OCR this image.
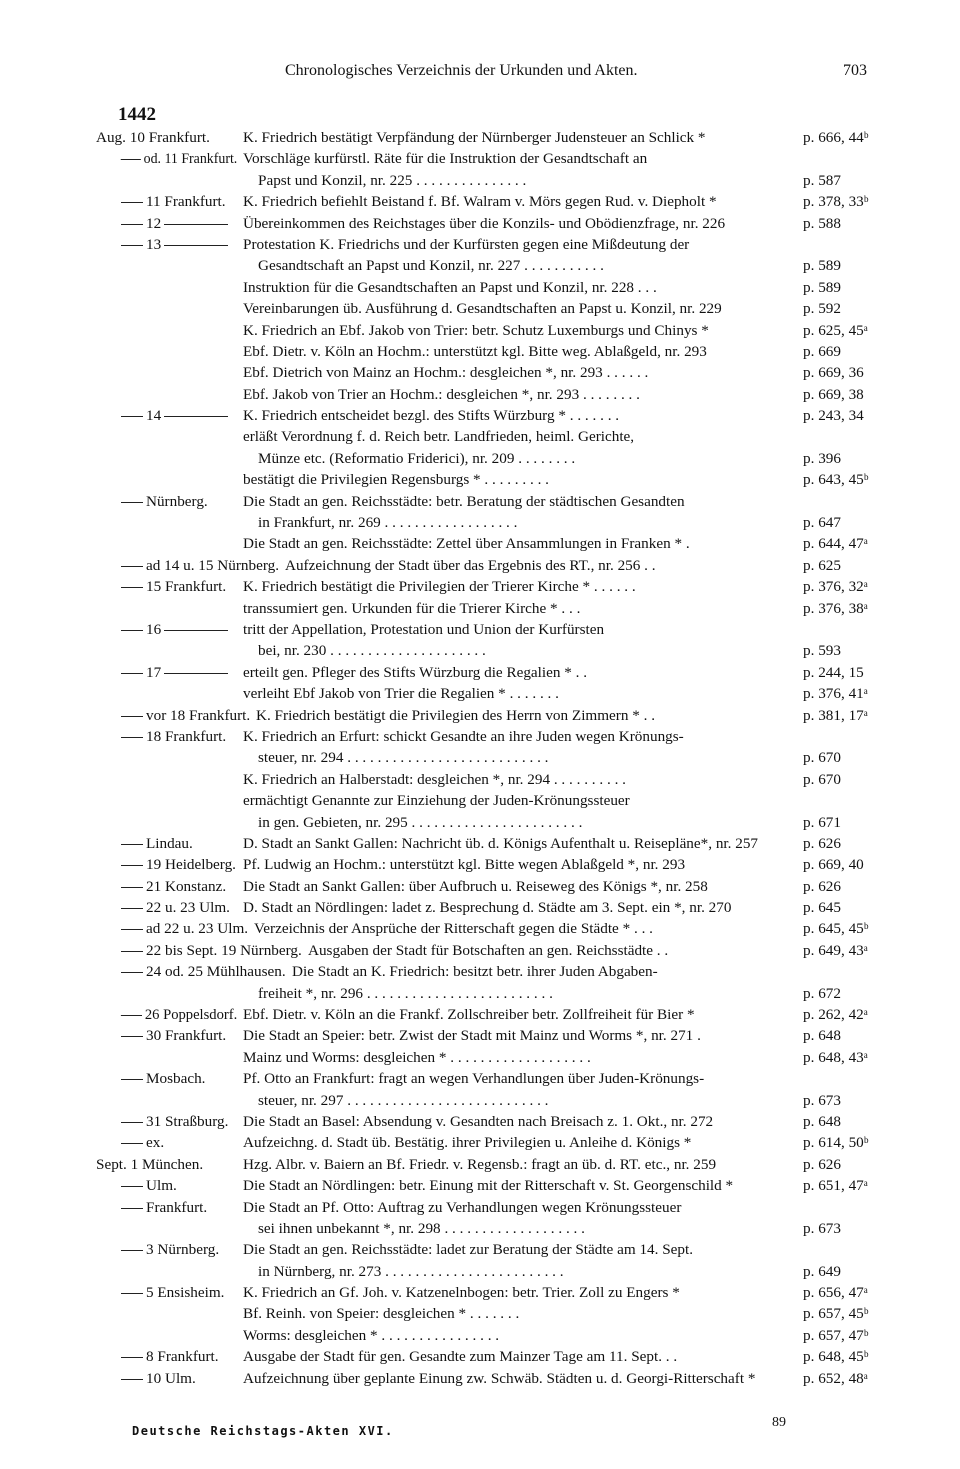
Chronologisches Verzeichnis der Urkunden und Akten.	703
1442
Aug. 10 Frankfurt. K. Friedrich bestätigt Verpfändung der Nürnberger Judensteuer an Schlick *	p. 666, 44ᵇ
od. 11 Frankfurt. Vorschläge kurfürstl. Räte für die Instruktion der Gesandtschaft an
Papst und Konzil, nr. 225 . . . . . . . . . . . . . . .	p. 587
11 Frankfurt. K. Friedrich befiehlt Beistand f. Bf. Walram v. Mörs gegen Rud. v. Diepholt *	p. 378, 33ᵇ
12	Übereinkommen des Reichstages über die Konzils- und Obödienzfrage, nr. 226	p. 588
13	Protestation K. Friedrichs und der Kurfürsten gegen eine Mißdeutung der
Gesandtschaft an Papst und Konzil, nr. 227 . . . . . . . . . . .	p. 589
Instruktion für die Gesandtschaften an Papst und Konzil, nr. 228 . . .	p. 589
Vereinbarungen üb. Ausführung d. Gesandtschaften an Papst u. Konzil, nr. 229	p. 592
K. Friedrich an Ebf. Jakob von Trier: betr. Schutz Luxemburgs und Chinys *	p. 625, 45ᵃ
Ebf. Dietr. v. Köln an Hochm.: unterstützt kgl. Bitte weg. Ablaßgeld, nr. 293	p. 669
Ebf. Dietrich von Mainz an Hochm.: desgleichen *, nr. 293 . . . . . .	p. 669, 36
Ebf. Jakob von Trier an Hochm.: desgleichen *, nr. 293 . . . . . . . .	p. 669, 38
14	K. Friedrich entscheidet bezgl. des Stifts Würzburg * . . . . . . .	p. 243, 34
erläßt Verordnung f. d. Reich betr. Landfrieden, heiml. Gerichte,
Münze etc. (Reformatio Friderici), nr. 209 . . . . . . . .	p. 396
bestätigt die Privilegien Regensburgs * . . . . . . . . .	p. 643, 45ᵇ
Nürnberg. Die Stadt an gen. Reichsstädte: betr. Beratung der städtischen Gesandten
in Frankfurt, nr. 269 . . . . . . . . . . . . . . . . . .	p. 647
Die Stadt an gen. Reichsstädte: Zettel über Ansammlungen in Franken * .	p. 644, 47ᵃ
ad 14 u. 15 Nürnberg. Aufzeichnung der Stadt über das Ergebnis des RT., nr. 256 . .	p. 625
15 Frankfurt. K. Friedrich bestätigt die Privilegien der Trierer Kirche * . . . . . .	p. 376, 32ᵃ
transsumiert gen. Urkunden für die Trierer Kirche * . . .	p. 376, 38ᵃ
16	tritt der Appellation, Protestation und Union der Kurfürsten
bei, nr. 230 . . . . . . . . . . . . . . . . . . . . .	p. 593
17	erteilt gen. Pfleger des Stifts Würzburg die Regalien * . .	p. 244, 15
verleiht Ebf Jakob von Trier die Regalien * . . . . . . .	p. 376, 41ᵃ
vor 18 Frankfurt. K. Friedrich bestätigt die Privilegien des Herrn von Zimmern * . .	p. 381, 17ᵃ
18 Frankfurt. K. Friedrich an Erfurt: schickt Gesandte an ihre Juden wegen Krönungs-
steuer, nr. 294 . . . . . . . . . . . . . . . . . . . . . . . . . . .	p. 670
K. Friedrich an Halberstadt: desgleichen *, nr. 294 . . . . . . . . . .	p. 670
ermächtigt Genannte zur Einziehung der Juden-Krönungssteuer
in gen. Gebieten, nr. 295 . . . . . . . . . . . . . . . . . . . . . . .	p. 671
Lindau.	D. Stadt an Sankt Gallen: Nachricht üb. d. Königs Aufenthalt u. Reisepläne*, nr. 257	p. 626
19 Heidelberg. Pf. Ludwig an Hochm.: unterstützt kgl. Bitte wegen Ablaßgeld *, nr. 293	p. 669, 40
21 Konstanz. Die Stadt an Sankt Gallen: über Aufbruch u. Reiseweg des Königs *, nr. 258	p. 626
22 u. 23 Ulm. D. Stadt an Nördlingen: ladet z. Besprechung d. Städte am 3. Sept. ein *, nr. 270	p. 645
ad 22 u. 23 Ulm. Verzeichnis der Ansprüche der Ritterschaft gegen die Städte * . . .	p. 645, 45ᵇ
22 bis Sept. 19 Nürnberg. Ausgaben der Stadt für Botschaften an gen. Reichsstädte . .	p. 649, 43ᵃ
24 od. 25 Mühlhausen. Die Stadt an K. Friedrich: besitzt betr. ihrer Juden Abgaben-
freiheit *, nr. 296 . . . . . . . . . . . . . . . . . . . . . . . . .	p. 672
26 Poppelsdorf. Ebf. Dietr. v. Köln an die Frankf. Zollschreiber betr. Zollfreiheit für Bier *	p. 262, 42ᵃ
30 Frankfurt. Die Stadt an Speier: betr. Zwist der Stadt mit Mainz und Worms *, nr. 271 .	p. 648
Mainz und Worms: desgleichen * . . . . . . . . . . . . . . . . . . .	p. 648, 43ᵃ
Mosbach. Pf. Otto an Frankfurt: fragt an wegen Verhandlungen über Juden-Krönungs-
steuer, nr. 297 . . . . . . . . . . . . . . . . . . . . . . . . . . .	p. 673
31 Straßburg. Die Stadt an Basel: Absendung v. Gesandten nach Breisach z. 1. Okt., nr. 272	p. 648
ex.	Aufzeichng. d. Stadt üb. Bestätig. ihrer Privilegien u. Anleihe d. Königs *	p. 614, 50ᵇ
Sept. 1 München.	Hzg. Albr. v. Baiern an Bf. Friedr. v. Regensb.: fragt an üb. d. RT. etc., nr. 259	p. 626
Ulm.	Die Stadt an Nördlingen: betr. Einung mit der Ritterschaft v. St. Georgenschild *	p. 651, 47ᵃ
Frankfurt. Die Stadt an Pf. Otto: Auftrag zu Verhandlungen wegen Krönungssteuer
sei ihnen unbekannt *, nr. 298 . . . . . . . . . . . . . . . . . . .	p. 673
3 Nürnberg. Die Stadt an gen. Reichsstädte: ladet zur Beratung der Städte am 14. Sept.
in Nürnberg, nr. 273 . . . . . . . . . . . . . . . . . . . . . . . .	p. 649
5 Ensisheim. K. Friedrich an Gf. Joh. v. Katzenelnbogen: betr. Trier. Zoll zu Engers *	p. 656, 47ᵃ
Bf. Reinh. von Speier: desgleichen * . . . . . . .	p. 657, 45ᵇ
Worms: desgleichen * . . . . . . . . . . . . . . . .	p. 657, 47ᵇ
8 Frankfurt. Ausgabe der Stadt für gen. Gesandte zum Mainzer Tage am 11. Sept. . .	p. 648, 45ᵇ
10 Ulm.	Aufzeichnung über geplante Einung zw. Schwäb. Städten u. d. Georgi-Ritterschaft *	p. 652, 48ᵃ
Deutsche Reichstags-Akten XVI.
89
